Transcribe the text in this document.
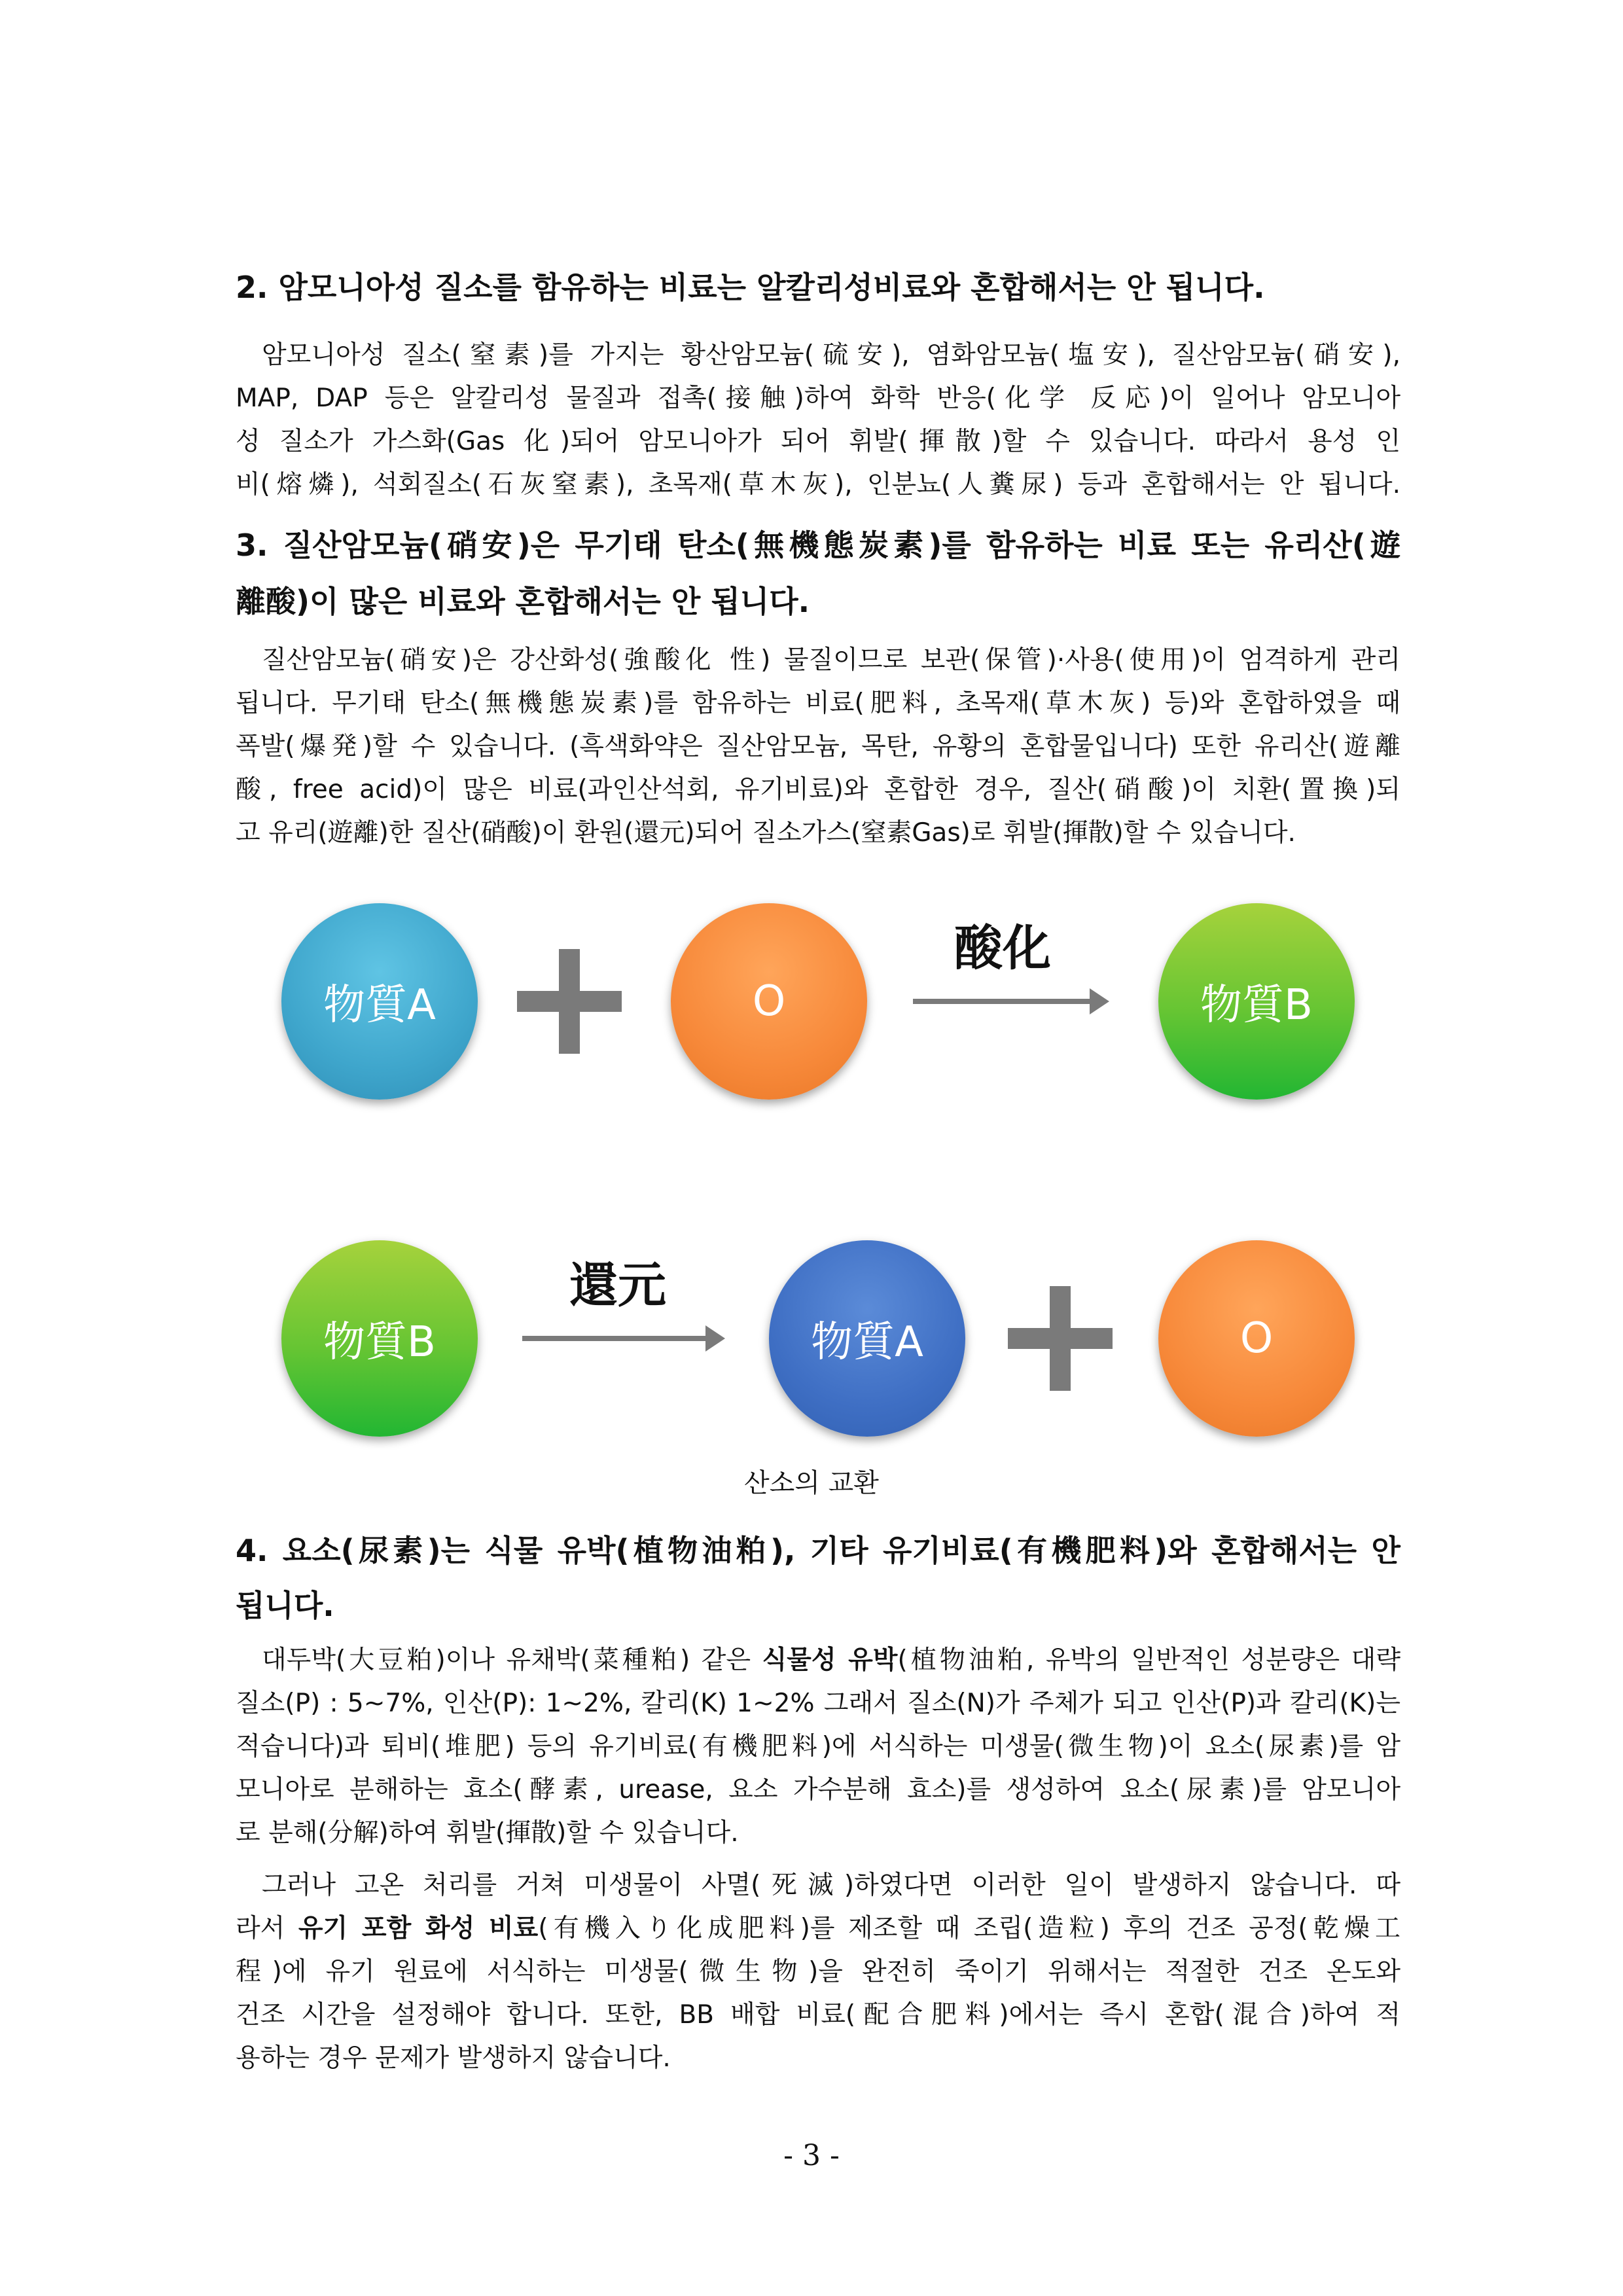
2. 암모니아성 질소를 함유하는 비료는 알칼리성비료와 혼합해서는 안 됩니다.
암모니아성 질소(窒素)를 가지는 황산암모늄(硫安), 염화암모늄(塩安), 질산암모늄(硝安),
MAP, DAP 등은 알칼리성 물질과 접촉(接触)하여 화학 반응(化学 反応)이 일어나 암모니아
성 질소가 가스화(Gas 化)되어 암모니아가 되어 휘발(揮散)할 수 있습니다. 따라서 용성 인
비(熔燐), 석회질소(石灰窒素), 초목재(草木灰), 인분뇨(人糞尿) 등과 혼합해서는 안 됩니다.
3. 질산암모늄(硝安)은 무기태 탄소(無機態炭素)를 함유하는 비료 또는 유리산(遊
離酸)이 많은 비료와 혼합해서는 안 됩니다.
질산암모늄(硝安)은 강산화성(強酸化 性) 물질이므로 보관(保管)·사용(使用)이 엄격하게 관리
됩니다. 무기태 탄소(無機態炭素)를 함유하는 비료(肥料, 초목재(草木灰) 등)와 혼합하였을 때
폭발(爆発)할 수 있습니다. (흑색화약은 질산암모늄, 목탄, 유황의 혼합물입니다) 또한 유리산(遊離
酸, free acid)이 많은 비료(과인산석회, 유기비료)와 혼합한 경우, 질산(硝酸)이 치환(置換)되
고 유리(遊離)한 질산(硝酸)이 환원(還元)되어 질소가스(窒素Gas)로 휘발(揮散)할 수 있습니다.
物質A	O
酸化
物質B
物質B
還元
物質A	O
산소의 교환
4. 요소(尿素)는 식물 유박(植物油粕), 기타 유기비료(有機肥料)와 혼합해서는 안
됩니다.
대두박(大豆粕)이나 유채박(菜種粕) 같은 식물성 유박(植物油粕, 유박의 일반적인 성분량은 대략
질소(P) : 5~7%, 인산(P): 1~2%, 칼리(K) 1~2% 그래서 질소(N)가 주체가 되고 인산(P)과 칼리(K)는
적습니다)과 퇴비(堆肥) 등의 유기비료(有機肥料)에 서식하는 미생물(微生物)이 요소(尿素)를 암
모니아로 분해하는 효소(酵素, urease, 요소 가수분해 효소)를 생성하여 요소(尿素)를 암모니아
로 분해(分解)하여 휘발(揮散)할 수 있습니다.
그러나 고온 처리를 거쳐 미생물이 사멸(死滅)하였다면 이러한 일이 발생하지 않습니다. 따
라서 유기 포함 화성 비료(有機入り化成肥料)를 제조할 때 조립(造粒) 후의 건조 공정(乾燥工
程)에 유기 원료에 서식하는 미생물(微生物)을 완전히 죽이기 위해서는 적절한 건조 온도와
건조 시간을 설정해야 합니다. 또한, BB 배합 비료(配合肥料)에서는 즉시 혼합(混合)하여 적
용하는 경우 문제가 발생하지 않습니다.
- 3 -
